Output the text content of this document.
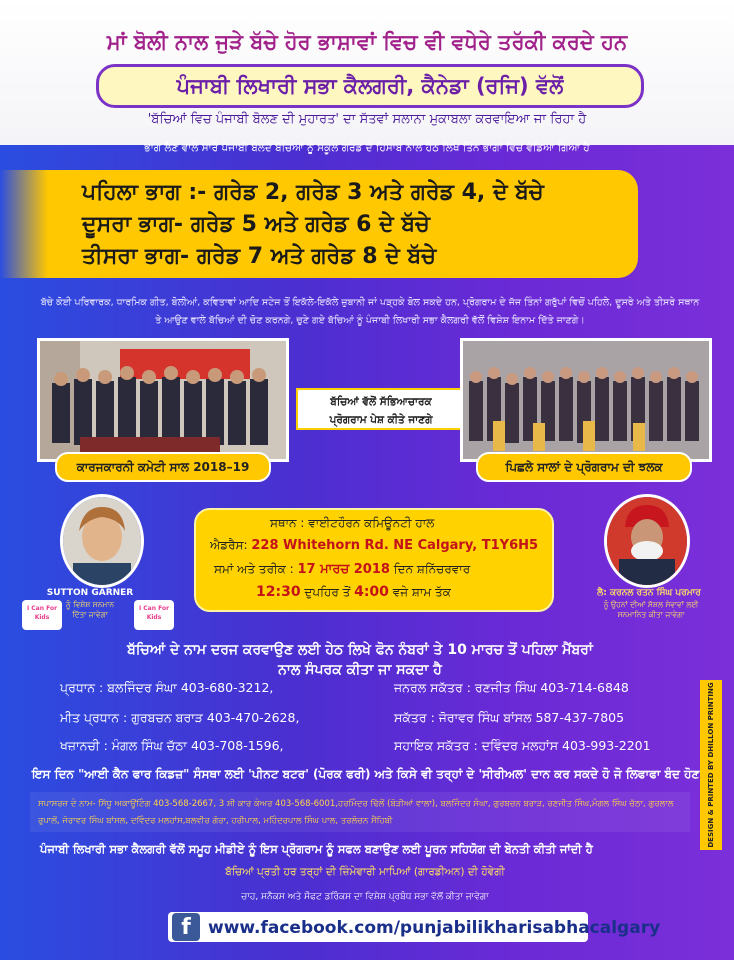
ਮਾਂ ਬੋਲੀ ਨਾਲ ਜੁੜੇ ਬੱਚੇ ਹੋਰ ਭਾਸ਼ਾਵਾਂ ਵਿਚ ਵੀ ਵਧੇਰੇ ਤਰੱਕੀ ਕਰਦੇ ਹਨ
ਪੰਜਾਬੀ ਲਿਖਾਰੀ ਸਭਾ ਕੈਲਗਰੀ, ਕੈਨੇਡਾ (ਰਜਿ) ਵੱਲੋਂ
'ਬੱਚਿਆਂ ਵਿਚ ਪੰਜਾਬੀ ਬੋਲਣ ਦੀ ਮੁਹਾਰਤ' ਦਾ ਸੱਤਵਾਂ ਸਲਾਨਾ ਮੁਕਾਬਲਾ ਕਰਵਾਇਆ ਜਾ ਰਿਹਾ ਹੈ
ਭਾਗ ਲੈਣ ਵਾਲੇ ਸਾਰੇ ਪੰਜਾਬੀ ਬੋਲਦੇ ਬੱਚਿਆਂ ਨੂੰ ਸਕੂਲ ਗਰੇਡ ਦੇ ਹਿਸਾਬ ਨਾਲ ਹੇਠ ਲਿਖੇ ਤਿੰਨ ਭਾਗਾਂ ਵਿਚ ਵੰਡਿਆ ਗਿਆ ਹੈ
ਪਹਿਲਾ ਭਾਗ :- ਗਰੇਡ 2, ਗਰੇਡ 3 ਅਤੇ ਗਰੇਡ 4, ਦੇ ਬੱਚੇ
ਦੂਸਰਾ ਭਾਗ- ਗਰੇਡ 5 ਅਤੇ ਗਰੇਡ 6 ਦੇ ਬੱਚੇ
ਤੀਸਰਾ ਭਾਗ- ਗਰੇਡ 7 ਅਤੇ ਗਰੇਡ 8 ਦੇ ਬੱਚੇ
ਬੱਚੇ ਕੋਈ ਪਰਿਵਾਰਕ, ਧਾਰਮਿਕ ਗੀਤ, ਬੋਲੀਆਂ, ਕਵਿਤਾਵਾਂ ਆਦਿ ਸਟੇਜ ਤੋਂ ਇਕੱਲੇ-ਇਕੱਲੇ ਜ਼ੁਬਾਨੀ ਜਾਂ ਪੜ੍ਹਕੇ ਬੋਲ ਸਕਦੇ ਹਨ, ਪ੍ਰੋਗਰਾਮ ਦੇ ਜੱਜ ਤਿੰਨਾਂ ਗਰੁੱਪਾਂ ਵਿਚੋਂ ਪਹਿਲੇ, ਦੂਸਰੇ ਅਤੇ ਤੀਸਰੇ ਸਥਾਨ ਤੇ ਆਉਣ ਵਾਲੇ ਬੱਚਿਆਂ ਦੀ ਚੋਣ ਕਰਨਗੇ, ਚੁਣੇ ਗਏ ਬੱਚਿਆਂ ਨੂੰ ਪੰਜਾਬੀ ਲਿਖਾਰੀ ਸਭਾ ਕੈਲਗਰੀ ਵੱਲੋਂ ਵਿਸ਼ੇਸ਼ ਇਨਾਮ ਦਿੱਤੇ ਜਾਣਗੇ।
ਕਾਰਜਕਾਰਨੀ ਕਮੇਟੀ ਸਾਲ 2018–19
ਬੱਚਿਆਂ ਵੱਲੋਂ ਸੱਭਿਆਚਾਰਕ
ਪ੍ਰੋਗਰਾਮ ਪੇਸ਼ ਕੀਤੇ ਜਾਣਗੇ
ਪਿਛਲੇ ਸਾਲਾਂ ਦੇ ਪ੍ਰੋਗਰਾਮ ਦੀ ਝਲਕ
SUTTON GARNER
ਨੂੰ ਵਿਸ਼ੇਸ਼ ਸਨਮਾਨ
ਦਿੱਤਾ ਜਾਵੇਗਾ
I Can For Kids
I Can For Kids
ਸਥਾਨ : ਵਾਈਟਹੌਰਨ ਕਮਿਊਨਟੀ ਹਾਲ
ਐਡਰੈਸ: 228 Whitehorn Rd. NE Calgary, T1Y6H5
ਸਮਾਂ ਅਤੇ ਤਰੀਕ : 17 ਮਾਰਚ 2018 ਦਿਨ ਸ਼ਨਿੱਚਰਵਾਰ
12:30 ਦੁਪਹਿਰ ਤੋਂ 4:00 ਵਜੇ ਸ਼ਾਮ ਤੱਕ	ਲੈ: ਕਰਨਲ ਰਤਨ ਸਿੰਘ ਪਰਮਾਰ
ਨੂੰ ਉਹਨਾਂ ਦੀਆਂ ਸੋਸ਼ਲ ਸੇਵਾਵਾਂ ਲਈ
ਸਨਮਾਨਿਤ ਕੀਤਾ ਜਾਵੇਗਾ
ਬੱਚਿਆਂ ਦੇ ਨਾਮ ਦਰਜ ਕਰਵਾਉਣ ਲਈ ਹੇਠ ਲਿਖੇ ਫੋਨ ਨੰਬਰਾਂ ਤੇ 10 ਮਾਰਚ ਤੋਂ ਪਹਿਲਾ ਮੈਂਬਰਾਂ
ਨਾਲ ਸੰਪਰਕ ਕੀਤਾ ਜਾ ਸਕਦਾ ਹੈ
ਪ੍ਰਧਾਨ : ਬਲਜਿੰਦਰ ਸੰਘਾ 403-680-3212,
ਮੀਤ ਪ੍ਰਧਾਨ : ਗੁਰਬਚਨ ਬਰਾੜ 403-470-2628,
ਖਜ਼ਾਨਚੀ : ਮੰਗਲ ਸਿੰਘ ਚੱਠਾ 403-708-1596,
ਜਨਰਲ ਸਕੱਤਰ : ਰਣਜੀਤ ਸਿੰਘ 403-714-6848
ਸਕੱਤਰ : ਜੋਰਾਵਰ ਸਿੰਘ ਬਾਂਸਲ 587-437-7805
ਸਹਾਇਕ ਸਕੱਤਰ : ਦਵਿੰਦਰ ਮਲਹਾਂਸ 403-993-2201
ਇਸ ਦਿਨ "ਆਈ ਕੈਨ ਫਾਰ ਕਿਡਜ਼" ਸੰਸਥਾ ਲਈ 'ਪੀਨਟ ਬਟਰ' (ਪੋਰਕ ਫਰੀ) ਅਤੇ ਕਿਸੇ ਵੀ ਤਰ੍ਹਾਂ ਦੇ 'ਸੀਰੀਅਲ' ਦਾਨ ਕਰ ਸਕਦੇ ਹੋ ਜੋ ਲਿਫਾਫਾ ਬੰਦ ਹੋਣ
ਸਪਾਸਰਜ਼ ਦੇ ਨਾਮ- ਸਿੱਧੂ ਅਕਾਊਂਟਿੰਗ 403-568-2667, 3 ਸ਼ੀ ਕਾਰ ਕੇਅਰ 403-568-6001,ਹਰਮਿੰਦਰ ਢਿੱਲੋਂ (ਬੋੜੀਆਂ ਵਾਲਾ), ਬਲਜਿੰਦਰ ਸੰਘਾ, ਗੁਰਬਚਨ ਬਰਾੜ, ਰਣਜੀਤ ਸਿੰਘ,ਮੰਗਲ ਸਿੰਘ ਚੱਠਾ, ਗੁਰਲਾਲ ਰੁਪਾਲੋਂ, ਜੋਰਾਵਰ ਸਿੰਘ ਬਾਂਸਲ, ਦਵਿੰਦਰ ਮਲਹਾਂਸ,ਬਲਵੀਰ ਗੋਰਾ, ਹਰੀਪਾਲ, ਮਹਿੰਦਰਪਾਲ ਸਿੰਘ ਪਾਲ, ਤਰਲੋਚਨ ਸੈਂਹਿਬੀ
ਪੰਜਾਬੀ ਲਿਖਾਰੀ ਸਭਾ ਕੈਲਗਰੀ ਵੱਲੋਂ ਸਮੂਹ ਮੀਡੀਏ ਨੂੰ ਇਸ ਪ੍ਰੋਗਰਾਮ ਨੂੰ ਸਫਲ ਬਣਾਉਣ ਲਈ ਪੂਰਨ ਸਹਿਯੋਗ ਦੀ ਬੇਨਤੀ ਕੀਤੀ ਜਾਂਦੀ ਹੈ
ਬੱਚਿਆਂ ਪ੍ਰਤੀ ਹਰ ਤਰ੍ਹਾਂ ਦੀ ਜ਼ਿੰਮੇਵਾਰੀ ਮਾਪਿਆਂ (ਗਾਰਡੀਅਨ) ਦੀ ਹੋਵੇਗੀ
ਚਾਹ, ਸਨੈਕਸ ਅਤੇ ਸੌਫਟ ਡਰਿੰਕਸ ਦਾ ਵਿਸ਼ੇਸ਼ ਪ੍ਰਬੰਧ ਸਭਾ ਵੱਲੋਂ ਕੀਤਾ ਜਾਵੇਗਾ
f	www.facebook.com/punjabilikharisabhacalgary
DESIGN & PRINTED BY DHILLON PRINTING
